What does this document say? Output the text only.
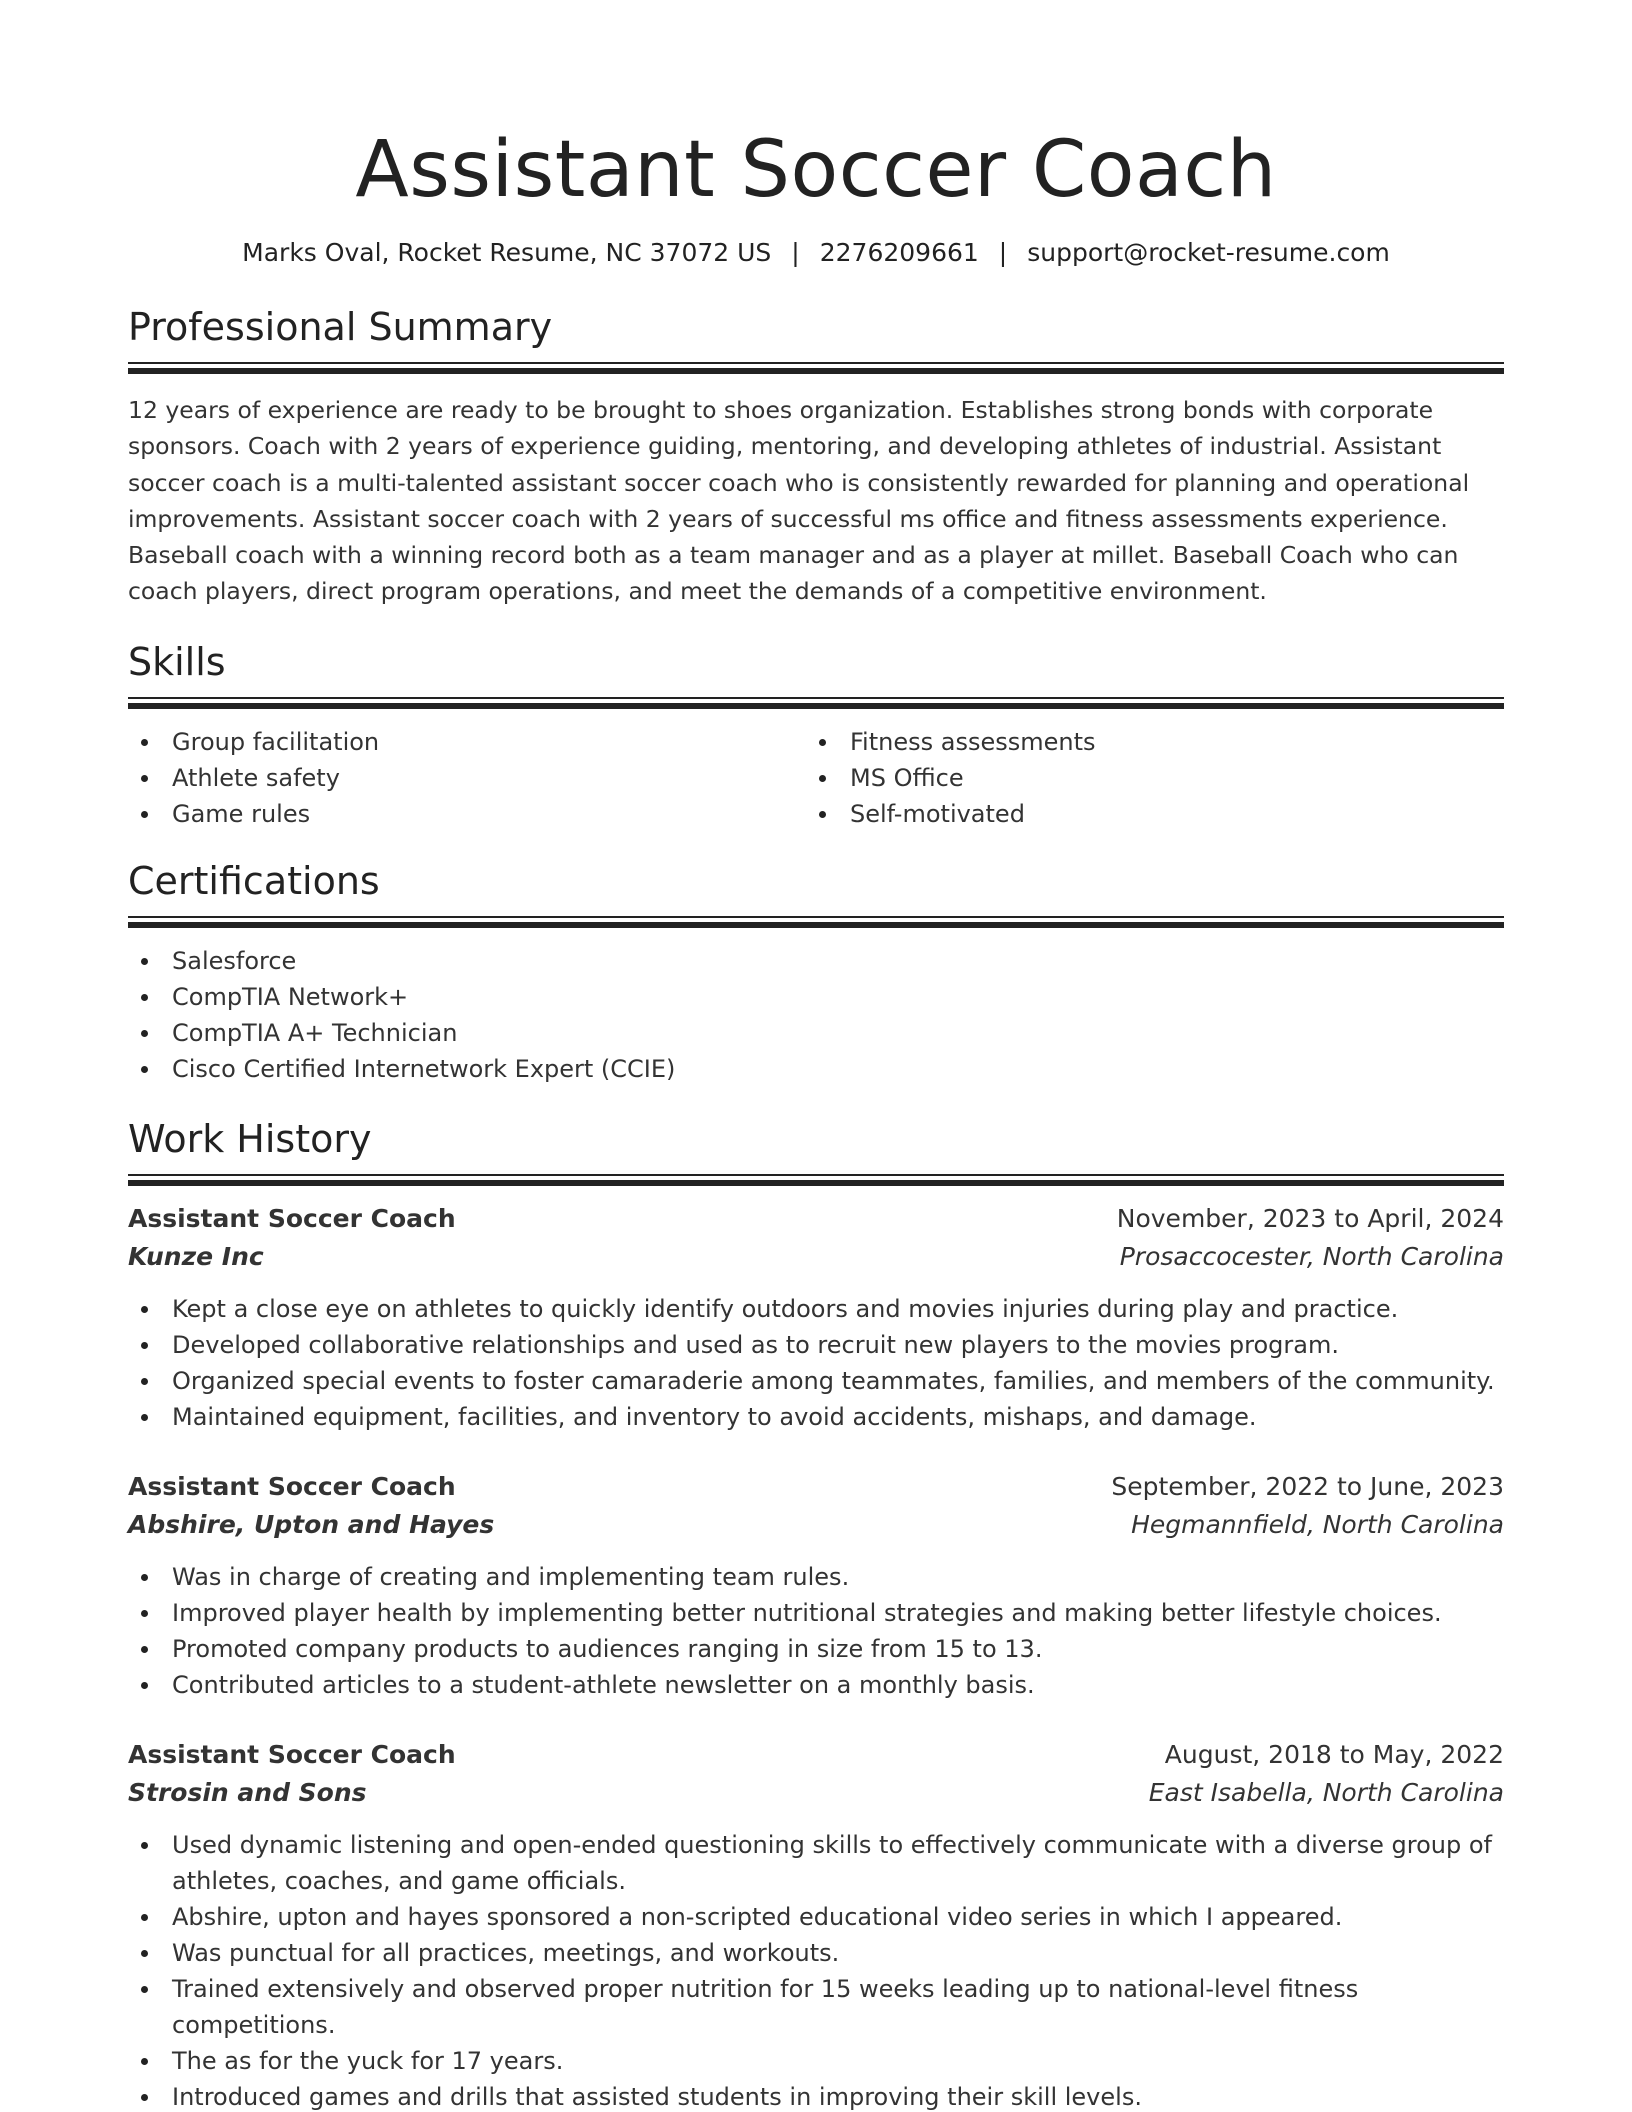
Assistant Soccer Coach
Marks Oval, Rocket Resume, NC 37072 US | 2276209661 | support@rocket-resume.com
Professional Summary

12 years of experience are ready to be brought to shoes organization. Establishes strong bonds with corporate sponsors. Coach with 2 years of experience guiding, mentoring, and developing athletes of industrial. Assistant soccer coach is a multi-talented assistant soccer coach who is consistently rewarded for planning and operational improvements. Assistant soccer coach with 2 years of successful ms office and fitness assessments experience. Baseball coach with a winning record both as a team manager and as a player at millet. Baseball Coach who can coach players, direct program operations, and meet the demands of a competitive environment.

Skills
Group facilitation
Athlete safety
Game rules
Fitness assessments
MS Office
Self-motivated
Certifications
Salesforce
CompTIA Network+
CompTIA A+ Technician
Cisco Certified Internetwork Expert (CCIE)
Work History
Assistant Soccer Coach	November, 2023 to April, 2024
Kunze Inc	Prosaccocester, North Carolina
Kept a close eye on athletes to quickly identify outdoors and movies injuries during play and practice.
Developed collaborative relationships and used as to recruit new players to the movies program.
Organized special events to foster camaraderie among teammates, families, and members of the community.
Maintained equipment, facilities, and inventory to avoid accidents, mishaps, and damage.
Assistant Soccer Coach	September, 2022 to June, 2023
Abshire, Upton and Hayes	Hegmannfield, North Carolina
Was in charge of creating and implementing team rules.
Improved player health by implementing better nutritional strategies and making better lifestyle choices.
Promoted company products to audiences ranging in size from 15 to 13.
Contributed articles to a student-athlete newsletter on a monthly basis.
Assistant Soccer Coach	August, 2018 to May, 2022
Strosin and Sons	East Isabella, North Carolina
Used dynamic listening and open-ended questioning skills to effectively communicate with a diverse group of athletes, coaches, and game officials.
Abshire, upton and hayes sponsored a non-scripted educational video series in which I appeared.
Was punctual for all practices, meetings, and workouts.
Trained extensively and observed proper nutrition for 15 weeks leading up to national-level fitness competitions.
The as for the yuck for 17 years.
Introduced games and drills that assisted students in improving their skill levels.
